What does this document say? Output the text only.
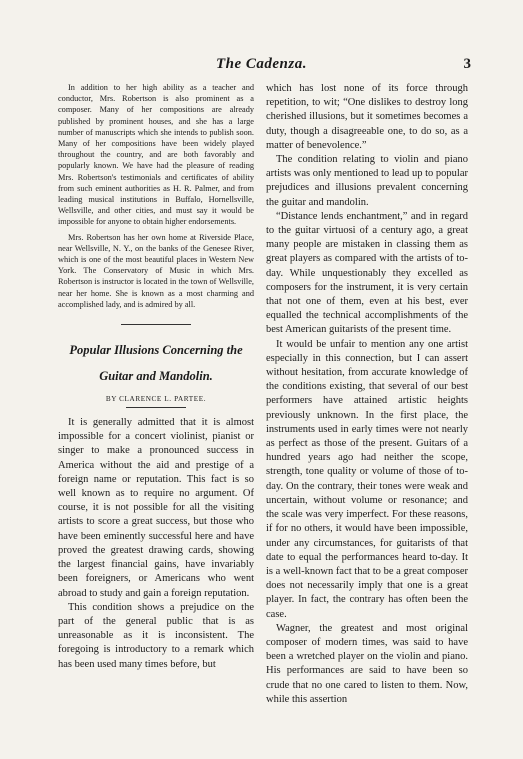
The Cadenza.	3

In addition to her high ability as a teacher and conductor, Mrs. Robertson is also prominent as a composer. Many of her compositions are already published by prominent houses, and she has a large number of manuscripts which she intends to publish soon. Many of her compositions have been widely played throughout the country, and are both favorably and popularly known. We have had the pleasure of reading Mrs. Robertson's testimonials and certificates of ability from such eminent authorities as H. R. Palmer, and from leading musical institutions in Buffalo, Hornellsville, Wellsville, and other cities, and must say it would be impossible for anyone to obtain higher endorsements.

Mrs. Robertson has her own home at Riverside Place, near Wellsville, N. Y., on the banks of the Genesee River, which is one of the most beautiful places in Western New York. The Conservatory of Music in which Mrs. Robertson is instructor is located in the town of Wellsville, near her home. She is known as a most charming and accomplished lady, and is admired by all.

Popular Illusions Concerning the
Guitar and Mandolin.
BY CLARENCE L. PARTEE.

It is generally admitted that it is almost impossible for a concert violinist, pianist or singer to make a pronounced success in America without the aid and prestige of a foreign name or reputation. This fact is so well known as to require no argument. Of course, it is not possible for all the visiting artists to score a great success, but those who have been eminently successful here and have proved the greatest drawing cards, showing the largest financial gains, have invariably been foreigners, or Americans who went abroad to study and gain a foreign reputation.

This condition shows a prejudice on the part of the general public that is as unreasonable as it is inconsistent. The foregoing is introductory to a remark which has been used many times before, but

which has lost none of its force through repetition, to wit; “One dislikes to destroy long cherished illusions, but it sometimes becomes a duty, though a disagreeable one, to do so, as a matter of benevolence.”

The condition relating to violin and piano artists was only mentioned to lead up to popular prejudices and illusions prevalent concerning the guitar and mandolin.

“Distance lends enchantment,” and in regard to the guitar virtuosi of a century ago, a great many people are mistaken in classing them as great players as compared with the artists of to-day. While unquestionably they excelled as composers for the instrument, it is very certain that not one of them, even at his best, ever equalled the technical accomplishments of the best American guitarists of the present time.

It would be unfair to mention any one artist especially in this connection, but I can assert without hesitation, from accurate knowledge of the conditions existing, that several of our best performers have attained artistic heights previously unknown. In the first place, the instruments used in early times were not nearly as perfect as those of the present. Guitars of a hundred years ago had neither the scope, strength, tone quality or volume of those of to-day. On the contrary, their tones were weak and uncertain, without volume or resonance; and the scale was very imperfect. For these reasons, if for no others, it would have been impossible, under any circumstances, for guitarists of that date to equal the performances heard to-day. It is a well-known fact that to be a great composer does not necessarily imply that one is a great player. In fact, the contrary has often been the case.

Wagner, the greatest and most original composer of modern times, was said to have been a wretched player on the violin and piano. His performances are said to have been so crude that no one cared to listen to them. Now, while this assertion
